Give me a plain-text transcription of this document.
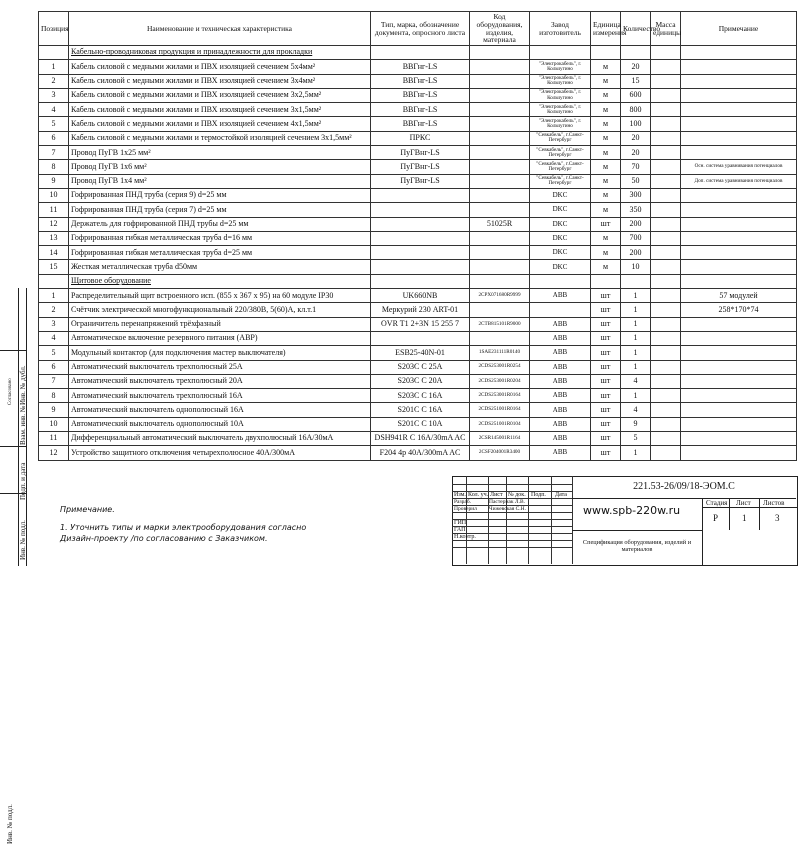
Инв. № подл.
Инв. № подл.
Подп. и дата
Взам. инв. №
Инв. № дубл.
Согласовано
Позиция	Наименование и техническая характеристика	Тип, марка, обозначение документа, опросного листа	Код оборудования, изделия, материала	Завод изготовитель	Единица измерения	Количество	Масса единицы	Примечание
	Кабельно-проводниковая продукция и принадлежности для прокладки							
1	Кабель силовой с медными жилами и ПВХ изоляцией сечением 5х4мм²	ВВГнг-LS		"Электрокабель", г. Кольчугино	м	20		
2	Кабель силовой с медными жилами и ПВХ изоляцией сечением 3х4мм²	ВВГнг-LS		"Электрокабель", г. Кольчугино	м	15		
3	Кабель силовой с медными жилами и ПВХ изоляцией сечением 3х2,5мм²	ВВГнг-LS		"Электрокабель", г. Кольчугино	м	600		
4	Кабель силовой с медными жилами и ПВХ изоляцией сечением 3х1,5мм²	ВВГнг-LS		"Электрокабель", г. Кольчугино	м	800		
5	Кабель силовой с медными жилами и ПВХ изоляцией сечением 4х1,5мм²	ВВГнг-LS		"Электрокабель", г. Кольчугино	м	100		
6	Кабель силовой с медными жилами и термостойкой изоляцией сечением 3х1,5мм²	ПРКС		"Севкабель", г.Санкт-Петербург	м	20		
7	Провод ПуГВ 1х25 мм²	ПуГВнг-LS		"Севкабель", г.Санкт-Петербург	м	20		
8	Провод ПуГВ 1х6 мм²	ПуГВнг-LS		"Севкабель", г.Санкт-Петербург	м	70		Осн. система уравнивания потенциалов
9	Провод ПуГВ 1х4 мм²	ПуГВнг-LS		"Севкабель", г.Санкт-Петербург	м	50		Доп. система уравнивания потенциалов
10	Гофрированная ПНД труба (серия 9) d=25 мм			DKC	м	300		
11	Гофрированная ПНД труба (серия 7) d=25 мм			DKC	м	350		
12	Держатель для гофрированной ПНД трубы d=25 мм		51025R	DKC	шт	200		
13	Гофрированная гибкая металлическая труба d=16 мм			DKC	м	700		
14	Гофрированная гибкая металлическая труба d=25 мм			DKC	м	200		
15	Жесткая металлическая труба d50мм			DKC	м	10		
	Щитовое оборудование							
1	Распределительный щит встроенного исп. (855 х 367 х 95) на 60 модуле IP30	UK660NB	2CPX071680R9999	ABB	шт	1		57 модулей
2	Счётчик электрической многофункциональный 220/380В, 5(60)А, кл.т.1	Меркурий 230 ART-01			шт	1		258*170*74
3	Ограничитель перенапряжений трёхфазный	OVR T1 2+3N 15 255 7	2CTB815101R9000	ABB	шт	1		
4	Автоматическое включение резервного питания (АВР)			ABB	шт	1		
5	Модульный контактор (для подключения мастер выключателя)	ESB25-40N-01	1SAE231111R0140	ABB	шт	1		
6	Автоматический выключатель трехполюсный 25А	S203C C 25A	2CDS253001R0254	ABB	шт	1		
7	Автоматический выключатель трехполюсный 20А	S203C C 20A	2CDS253001R0204	ABB	шт	4		
8	Автоматический выключатель трехполюсный 16А	S203C C 16A	2CDS253001R0164	ABB	шт	1		
9	Автоматический выключатель однополюсный 16А	S201C C 16A	2CDS251001R0164	ABB	шт	4		
10	Автоматический выключатель однополюсный 10А	S201C C 10A	2CDS251001R0104	ABB	шт	9		
11	Дифференциальный автоматический выключатель двухполюсный 16А/30мА	DSH941R C 16A/30mA AC	2CSR145001R1164	ABB	шт	5		
12	Устройство защитного отключения четырехполюсное 40А/300мА	F204 4p 40A/300mA AC	2CSF204001R3400	ABB	шт	1		
Примечание.
1. Уточнить типы и марки электрооборудования согласно
Дизайн-проекту /по согласованию с Заказчиком.
Изм. Кол. уч. Лист № док. Подп. Дата
Разраб.	Пастернак Л.В.
Проверил Чижевская С.Н.
ГИП
ГАП
Н.контр.
221.53-26/09/18-ЭОМ.С
www.spb-220w.ru
Спецификация оборудования, изделий и материалов
Стадия Лист Листов
Р	1	3
